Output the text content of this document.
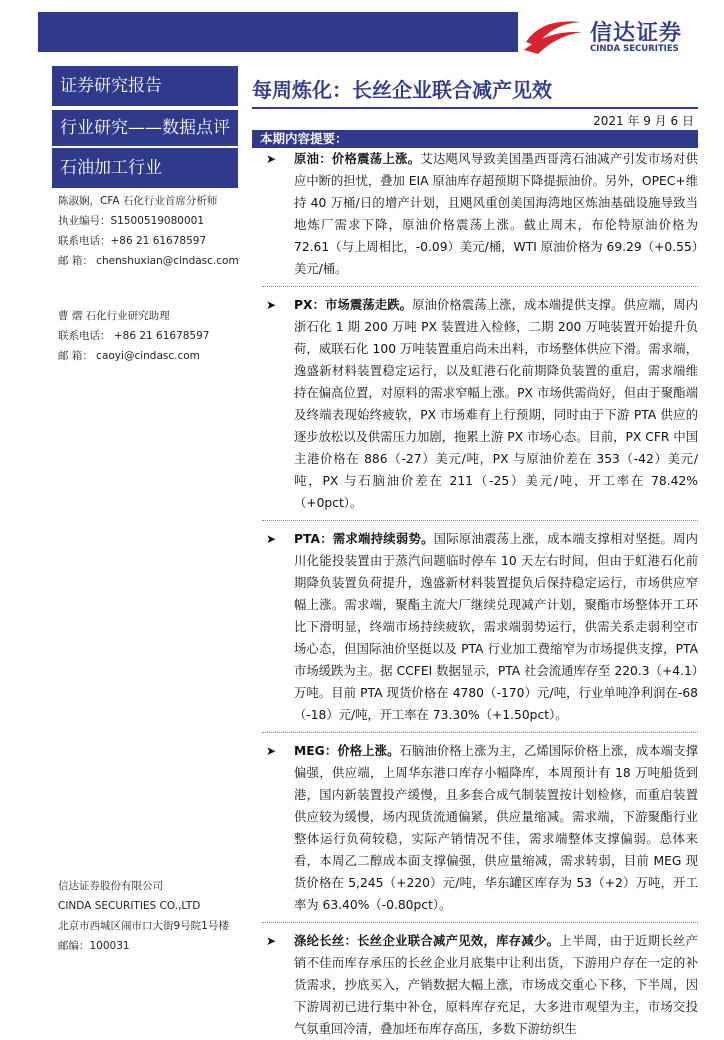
信达证券
CINDA SECURITIES
证券研究报告
行业研究——数据点评
石油加工行业
陈淑娴，CFA 石化行业首席分析师
执业编号：S1500519080001
联系电话：+86 21 61678597
邮 箱： chenshuxian@cindasc.com
曹 熠 石化行业研究助理
联系电话： +86 21 61678597
邮 箱： caoyi@cindasc.com
信达证券股份有限公司
CINDA SECURITIES CO.,LTD
北京市西城区闹市口大街9号院1号楼
邮编：100031
每周炼化：长丝企业联合减产见效
2021 年 9 月 6 日
本期内容提要：
➤ 原油：价格震荡上涨。艾达飓风导致美国墨西哥湾石油减产引发市场对供应中断的担忧，叠加 EIA 原油库存超预期下降提振油价。另外，OPEC+维持 40 万桶/日的增产计划，且飓风重创美国海湾地区炼油基础设施导致当地炼厂需求下降，原油价格震荡上涨。截止周末，布伦特原油价格为 72.61（与上周相比，-0.09）美元/桶，WTI 原油价格为 69.29（+0.55）美元/桶。
➤ PX：市场震荡走跌。原油价格震荡上涨，成本端提供支撑。供应端，周内浙石化 1 期 200 万吨 PX 装置进入检修，二期 200 万吨装置开始提升负荷，威联石化 100 万吨装置重启尚未出料，市场整体供应下滑。需求端，逸盛新材料装置稳定运行，以及虹港石化前期降负装置的重启，需求端维持在偏高位置，对原料的需求窄幅上涨。PX 市场供需尚好，但由于聚酯端及终端表现始终疲软，PX 市场难有上行预期，同时由于下游 PTA 供应的逐步放松以及供需压力加剧，拖累上游 PX 市场心态。目前，PX CFR 中国主港价格在 886（-27）美元/吨，PX 与原油价差在 353（-42）美元/吨，PX 与石脑油价差在 211（-25）美元/吨，开工率在 78.42%（+0pct）。
➤ PTA：需求端持续弱势。国际原油震荡上涨，成本端支撑相对坚挺。周内川化能投装置由于蒸汽问题临时停车 10 天左右时间，但由于虹港石化前期降负装置负荷提升，逸盛新材料装置提负后保持稳定运行，市场供应窄幅上涨。需求端，聚酯主流大厂继续兑现减产计划，聚酯市场整体开工环比下滑明显，终端市场持续疲软，需求端弱势运行，供需关系走弱利空市场心态，但国际油价坚挺以及 PTA 行业加工费缩窄为市场提供支撑，PTA 市场缓跌为主。据 CCFEI 数据显示，PTA 社会流通库存至 220.3（+4.1）万吨。目前 PTA 现货价格在 4780（-170）元/吨，行业单吨净利润在-68（-18）元/吨，开工率在 73.30%（+1.50pct）。
➤ MEG：价格上涨。石脑油价格上涨为主，乙烯国际价格上涨，成本端支撑偏强，供应端，上周华东港口库存小幅降库，本周预计有 18 万吨船货到港，国内新装置投产缓慢，且多套合成气制装置按计划检修，而重启装置供应较为缓慢，场内现货流通偏紧，供应量缩减。需求端，下游聚酯行业整体运行负荷较稳，实际产销情况不佳，需求端整体支撑偏弱。总体来看，本周乙二醇成本面支撑偏强，供应量缩减，需求转弱，目前 MEG 现货价格在 5,245（+220）元/吨，华东罐区库存为 53（+2）万吨，开工率为 63.40%（-0.80pct）。
➤ 涤纶长丝：长丝企业联合减产见效，库存减少。上半周，由于近期长丝产销不佳而库存承压的长丝企业月底集中让利出货，下游用户存在一定的补货需求，抄底买入，产销数据大幅上涨，市场成交重心下移，下半周，因下游周初已进行集中补仓，原料库存充足，大多进市观望为主，市场交投气氛重回冷清，叠加坯布库存高压，多数下游纺织生
